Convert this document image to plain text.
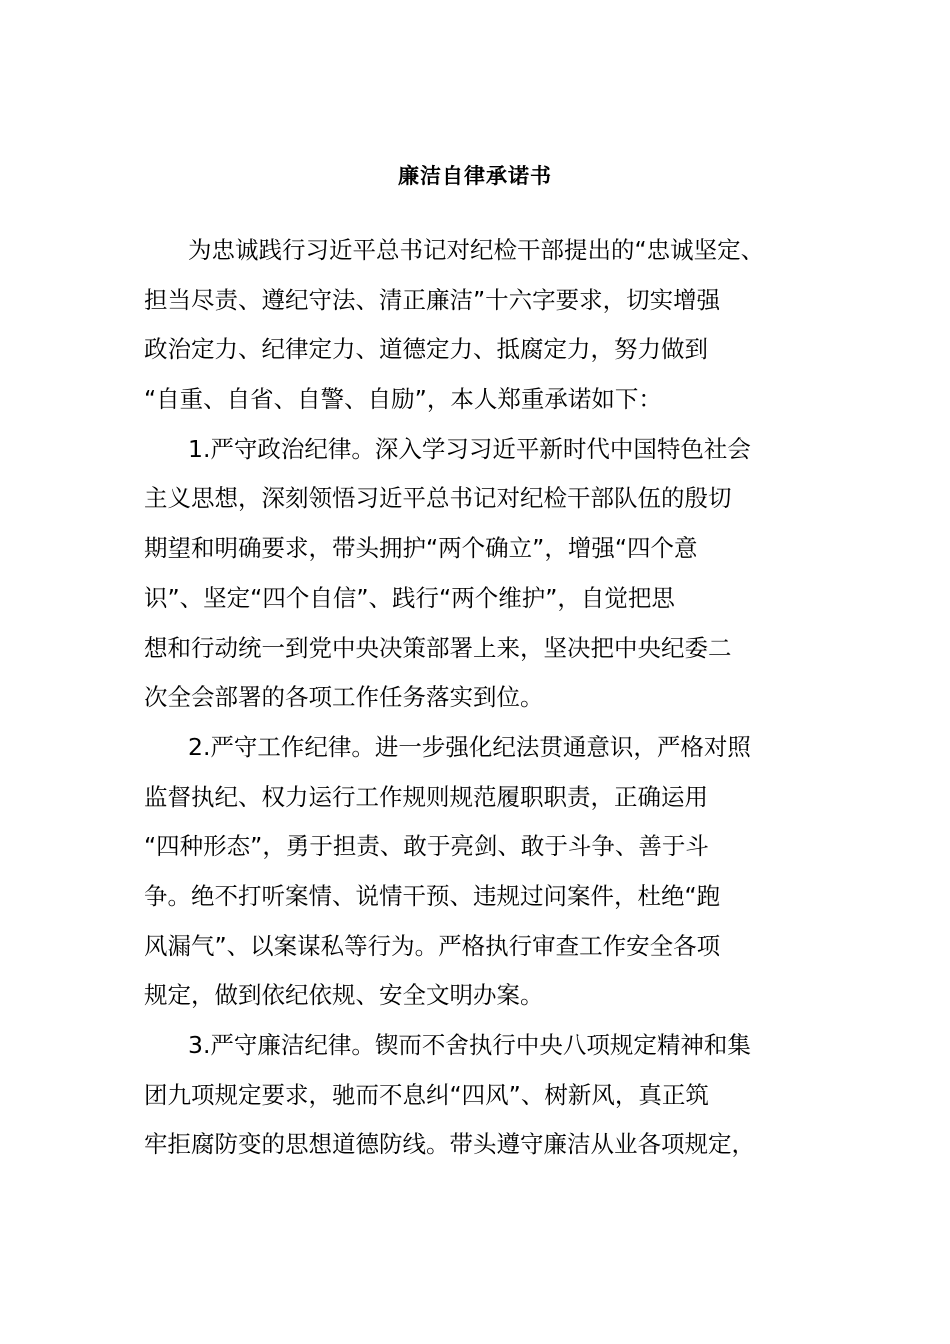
廉洁自律承诺书
为忠诚践行习近平总书记对纪检干部提出的“忠诚坚定、
担当尽责、遵纪守法、清正廉洁”十六字要求，切实增强
政治定力、纪律定力、道德定力、抵腐定力，努力做到
“自重、自省、自警、自励”，本人郑重承诺如下：
1.严守政治纪律。深入学习习近平新时代中国特色社会
主义思想，深刻领悟习近平总书记对纪检干部队伍的殷切
期望和明确要求，带头拥护“两个确立”，增强“四个意
识”、坚定“四个自信”、践行“两个维护”，自觉把思
想和行动统一到党中央决策部署上来，坚决把中央纪委二
次全会部署的各项工作任务落实到位。
2.严守工作纪律。进一步强化纪法贯通意识，严格对照
监督执纪、权力运行工作规则规范履职职责，正确运用
“四种形态”，勇于担责、敢于亮剑、敢于斗争、善于斗
争。绝不打听案情、说情干预、违规过问案件，杜绝“跑
风漏气”、以案谋私等行为。严格执行审查工作安全各项
规定，做到依纪依规、安全文明办案。
3.严守廉洁纪律。锲而不舍执行中央八项规定精神和集
团九项规定要求，驰而不息纠“四风”、树新风，真正筑
牢拒腐防变的思想道德防线。带头遵守廉洁从业各项规定，
